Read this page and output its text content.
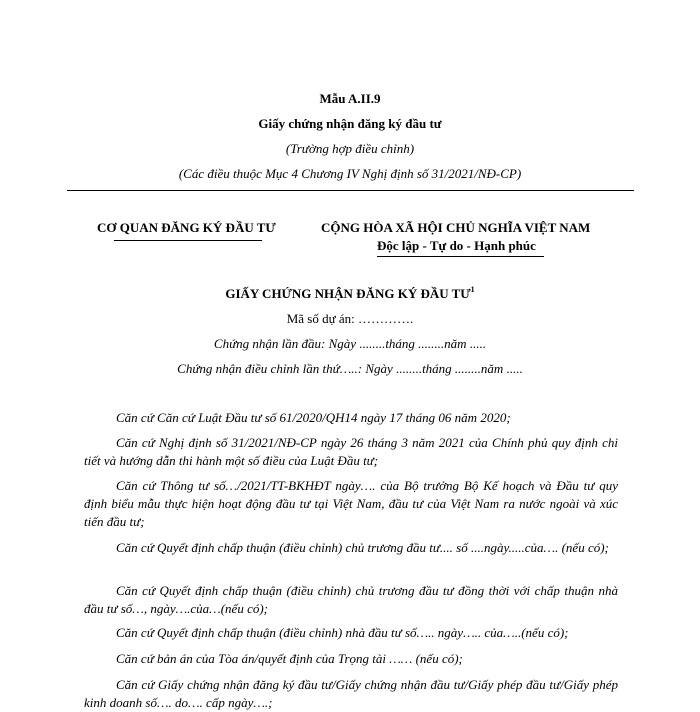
Mẫu A.II.9
Giấy chứng nhận đăng ký đầu tư
(Trường hợp điều chỉnh)
(Các điều thuộc Mục 4 Chương IV Nghị định số 31/2021/NĐ-CP)
CƠ QUAN ĐĂNG KÝ ĐẦU TƯ	CỘNG HÒA XÃ HỘI CHỦ NGHĨA VIỆT NAM
Độc lập - Tự do - Hạnh phúc
GIẤY CHỨNG NHẬN ĐĂNG KÝ ĐẦU $TƯ^1$
Mã số dự án: ………….
Chứng nhận lần đầu: Ngày ........tháng ........năm .....
Chứng nhận điều chỉnh lần thứ…..: Ngày ........tháng ........năm .....
Căn cứ Căn cứ Luật Đầu tư số 61/2020/QH14 ngày 17 tháng 06 năm 2020;
Căn cứ Nghị định số 31/2021/NĐ-CP ngày 26 tháng 3 năm 2021 của Chính phủ quy định chi tiết và hướng dẫn thi hành một số điều của Luật Đầu tư;
Căn cứ Thông tư số…/2021/TT-BKHĐT ngày…. của Bộ trưởng Bộ Kế hoạch và Đầu tư quy định biểu mẫu thực hiện hoạt động đầu tư tại Việt Nam, đầu tư của Việt Nam ra nước ngoài và xúc tiến đầu tư;
Căn cứ Quyết định chấp thuận (điều chỉnh) chủ trương đầu tư.... số ....ngày.....của…. (nếu có);
Căn cứ Quyết định chấp thuận (điều chỉnh) chủ trương đầu tư đồng thời với chấp thuận nhà đầu tư số…, ngày….của…(nếu có);
Căn cứ Quyết định chấp thuận (điều chỉnh) nhà đầu tư số….. ngày….. của…..(nếu có);
Căn cứ bản án của Tòa án/quyết định của Trọng tài …… (nếu có);
Căn cứ Giấy chứng nhận đăng ký đầu tư/Giấy chứng nhận đầu tư/Giấy phép đầu tư/Giấy phép kinh doanh số…. do…. cấp ngày….;
